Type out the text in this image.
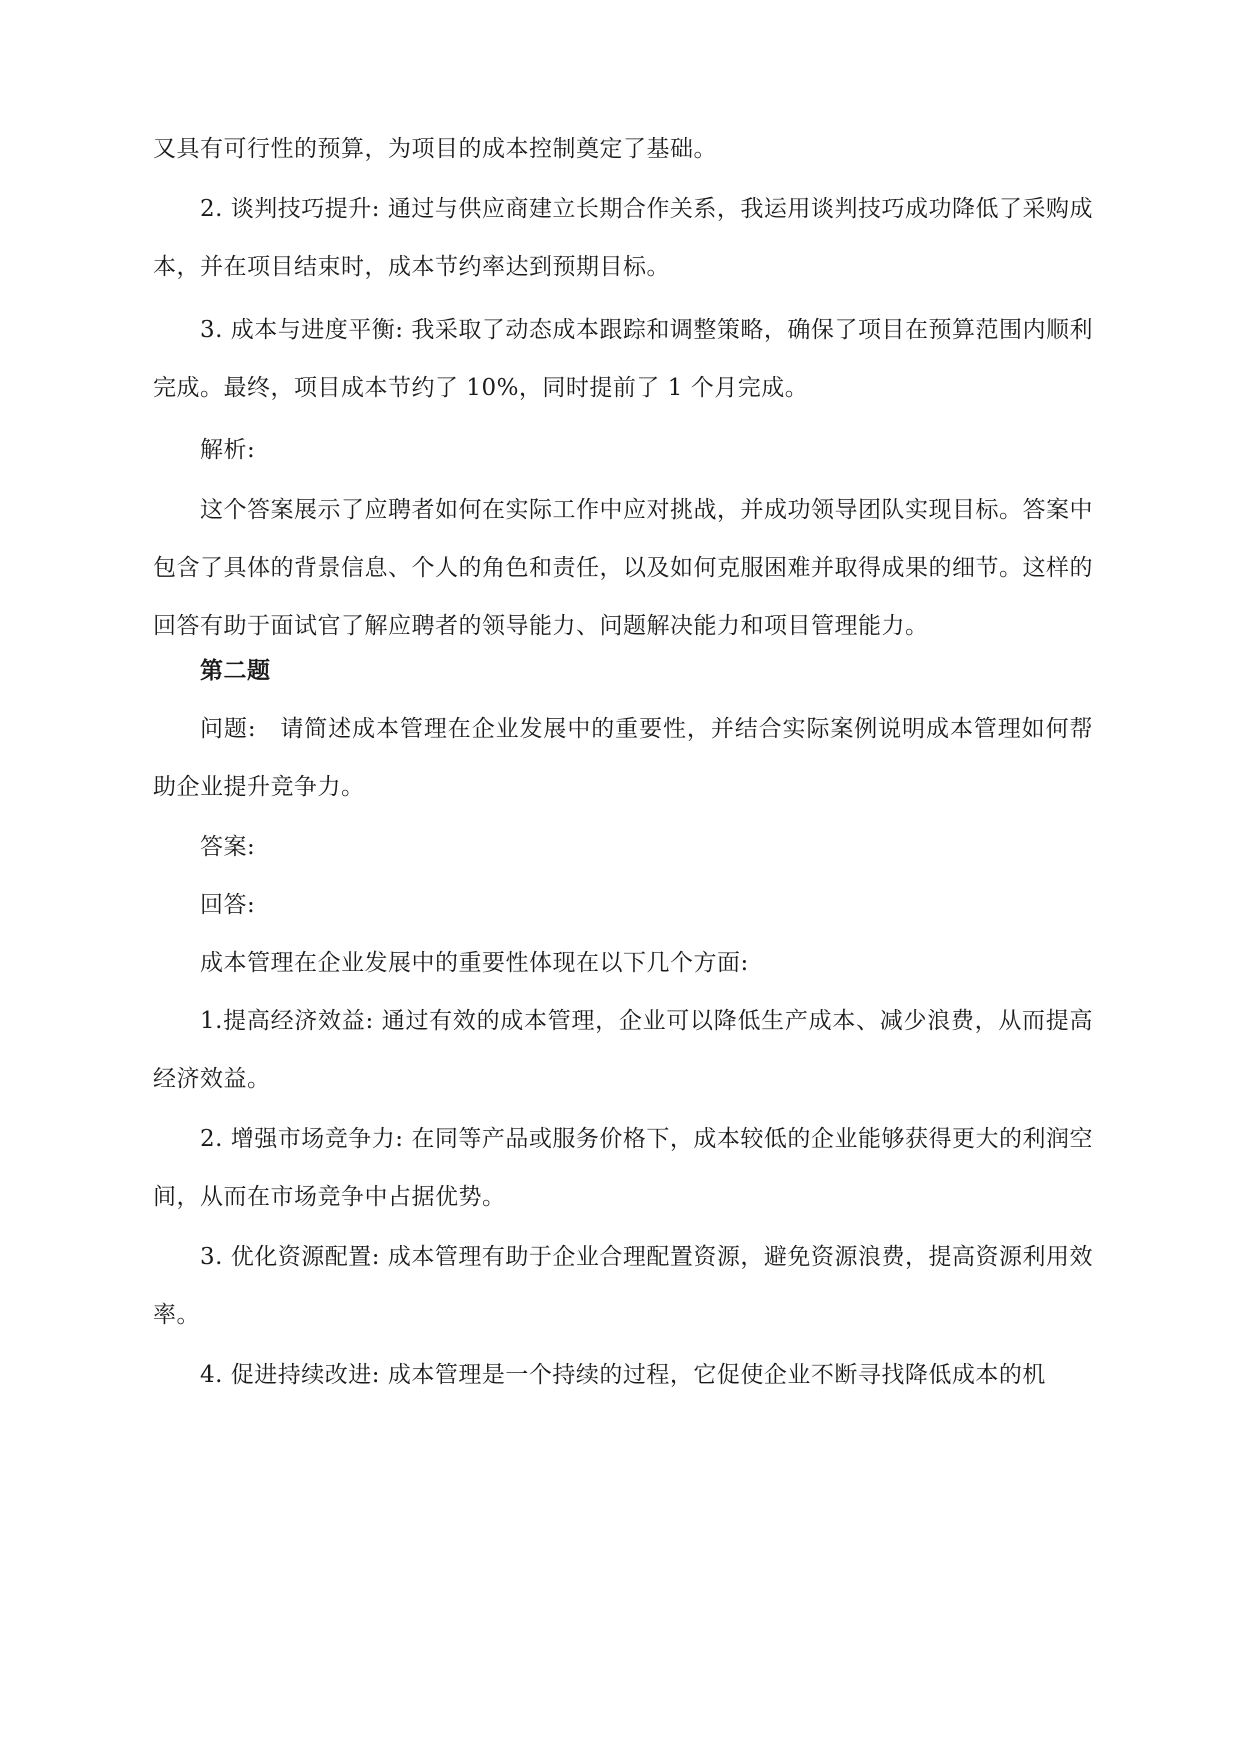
又具有可行性的预算，为项目的成本控制奠定了基础。

2. 谈判技巧提升: 通过与供应商建立长期合作关系，我运用谈判技巧成功降低了采购成本，并在项目结束时，成本节约率达到预期目标。

3. 成本与进度平衡: 我采取了动态成本跟踪和调整策略，确保了项目在预算范围内顺利完成。最终，项目成本节约了 10%，同时提前了 1 个月完成。

解析:

这个答案展示了应聘者如何在实际工作中应对挑战，并成功领导团队实现目标。答案中包含了具体的背景信息、个人的角色和责任，以及如何克服困难并取得成果的细节。这样的回答有助于面试官了解应聘者的领导能力、问题解决能力和项目管理能力。

第二题

问题:　请简述成本管理在企业发展中的重要性，并结合实际案例说明成本管理如何帮助企业提升竞争力。

答案:

回答:

成本管理在企业发展中的重要性体现在以下几个方面:

1.提高经济效益: 通过有效的成本管理，企业可以降低生产成本、减少浪费，从而提高经济效益。

2. 增强市场竞争力: 在同等产品或服务价格下，成本较低的企业能够获得更大的利润空间，从而在市场竞争中占据优势。

3. 优化资源配置: 成本管理有助于企业合理配置资源，避免资源浪费，提高资源利用效率。

4. 促进持续改进: 成本管理是一个持续的过程，它促使企业不断寻找降低成本的机
